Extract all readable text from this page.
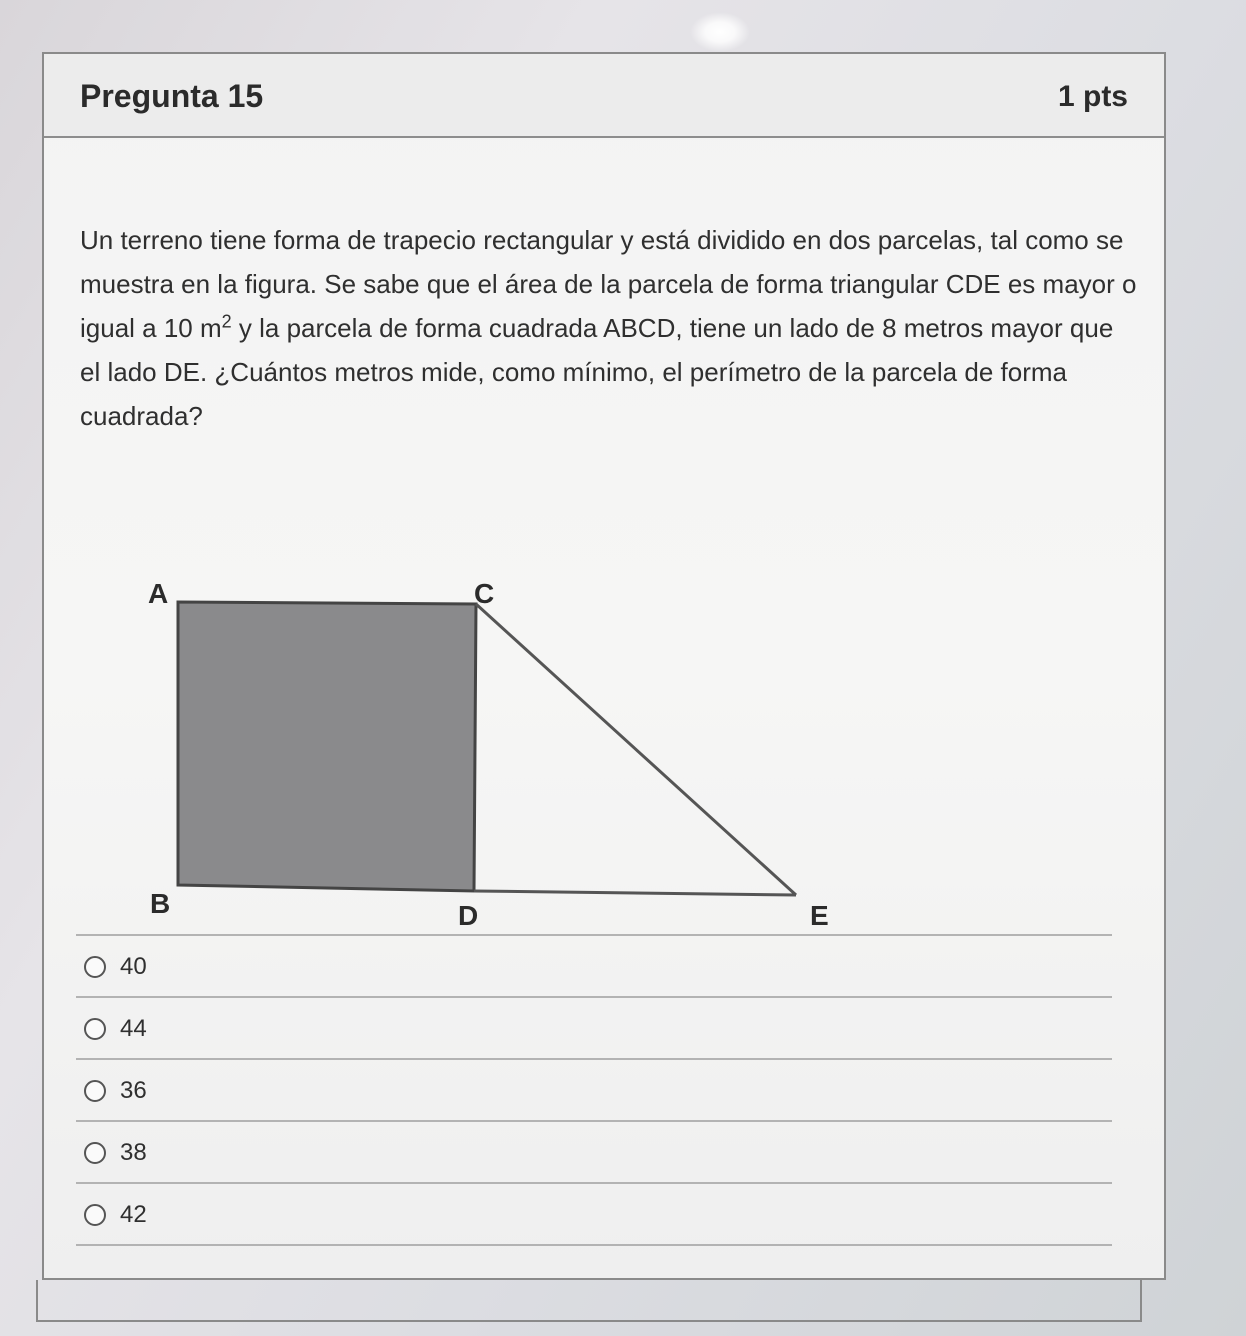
Pregunta 15	1 pts
Un terreno tiene forma de trapecio rectangular y está dividido en dos parcelas, tal como se muestra en la figura. Se sabe que el área de la parcela de forma triangular CDE es mayor o igual a 10 $m^2$ y la parcela de forma cuadrada ABCD, tiene un lado de 8 metros mayor que el lado DE. ¿Cuántos metros mide, como mínimo, el perímetro de la parcela de forma cuadrada?
A	C
B	D	E
40
44
36
38
42
